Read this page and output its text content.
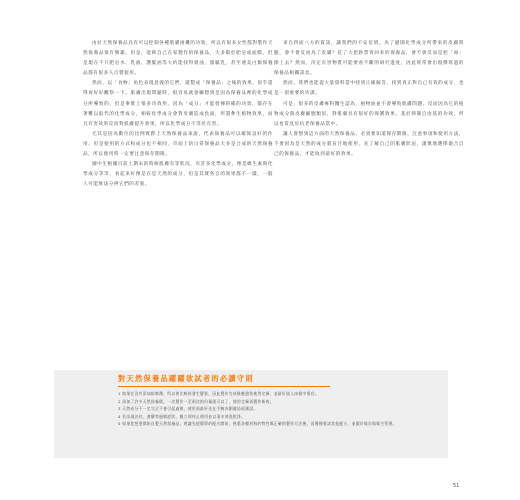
由於天然保養品具有可以控制各種肌膚困擾的功效，所以有很多女性都對製作天然保養品很有興趣。但是，能夠自己在家製作的保養品，大多限於肥皂或面膜，但是現在不只肥皂水、乳液、護髮油等大約能找得賣油，甜膩乳，甚至連美白類保養品都有很多人自製使用。

然而，以「食物」角色表現意義的它們，就製成「保養品」之後的效果，似乎還得再好好觀察一下。肌膚出現問題時，很容易就會聯想到是因為保養品裡的化學成分所導致的，但是事實上很多功效用，因為「成分」才能發揮的確的功效，都存在著難以取代的化學成分，相較化學成分會對皮膚造成負面，所謂參生植物效果，而且有害效果反而對肌膚提升效果，所以化學成分不等於有害。

尤其是因為數位的比例實際上天然保養品來說，代表保養品可以確保良好的作用。但是使用的方式和成分也不相同，市面上的日常保養品大多是合成的天然保養品，所以使用時一定要注意保存期限。

國中生根據目前上期末的時候肌膚有等狀況，有許多化學成分，像是維生素與化學成分等等，看起來好像是在是天然的成分，但是其實各自的效果都不一樣，一般人可能無法分辨它們的差異。

來自四面八方的資訊，讓我們的不安倍增。為了避開化學成分所帶來的皮膚問題，會不會反而為了皮膚？花了大把鈔票買回來的保養品，會不會反而是把「毒」擦上去？然而，決定有害物質可能要看不斷的研究進度，因此經常會出現撰寫過的保養品相關訊息。

然而，我們也能從大量資料當中找到正確解答，找到真正對自己有效的成分，也是一項重要的功課。

可是，很多的皮膚專科醫生認為，植物油並不會導致肌膚問題。反而因為它的植物成分與皮膚細胞類似，對肌膚具有很好的保護效果。基於抑制自由基的功效，所以也常見於抗老保養品當中。

讓人會想到這方面的天然保養品，必須要知道保存期限、注意事項和使用方法，不要因為是天然的成分就盲目地使用，先了解自己的肌膚狀況，謹慎地選擇適合自己的保養品，才能收到最好的效果。

對天然保養品躍躍欲試者的必讀守則
1 如果在沒有添加防腐劑，所以會比較快發生變質，因此製作完成後應盡快使用完畢，並最好放入冰箱中保存。
2 添加了許多天然保養精，一次製作一至兩次的份量就可以了，使用完畢再製作新的。
3 天然成分不一定完全不會引起過敏，使用前最好先在手腕內側做局部測試。
4 若出現泛紅、發癢等過敏症狀，應立即停止使用並以清水沖洗乾淨。
5 如果您想要開始自製天然保養品，建議先從簡單的配方開始，熟悉各種材料的特性與正確的製作方法後，再慢慢嘗試其他配方，並做好保存與衛生管理。
51
